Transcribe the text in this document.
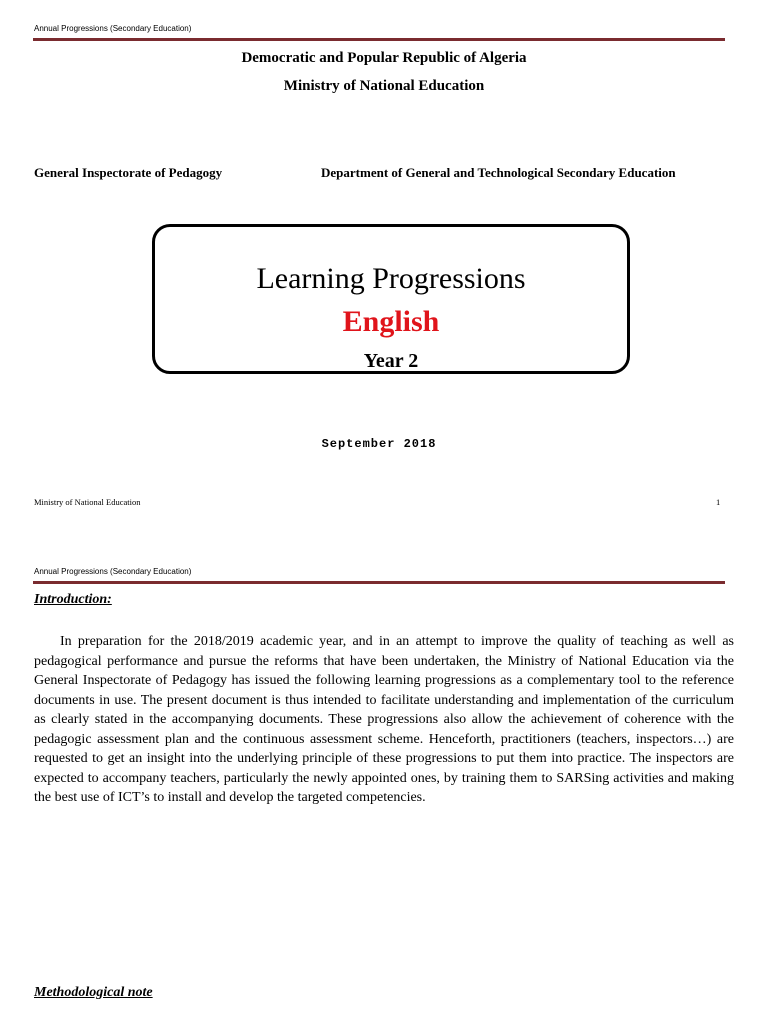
Annual Progressions (Secondary Education)
Democratic and Popular Republic of Algeria
Ministry of National Education
General Inspectorate of Pedagogy	Department of General and Technological Secondary Education
Learning Progressions
English
Year 2
September 2018
Ministry of National Education	1
Annual Progressions (Secondary Education)
Introduction:
In preparation for the 2018/2019 academic year, and in an attempt to improve the quality of teaching as well as pedagogical performance and pursue the reforms that have been undertaken, the Ministry of National Education via the General Inspectorate of Pedagogy has issued the following learning progressions as a complementary tool to the reference documents in use. The present document is thus intended to facilitate understanding and implementation of the curriculum as clearly stated in the accompanying documents. These progressions also allow the achievement of coherence with the pedagogic assessment plan and the continuous assessment scheme. Henceforth, practitioners (teachers, inspectors…) are requested to get an insight into the underlying principle of these progressions to put them into practice. The inspectors are expected to accompany teachers, particularly the newly appointed ones, by training them to SARSing activities and making the best use of ICT’s to install and develop the targeted competencies.
Methodological note
